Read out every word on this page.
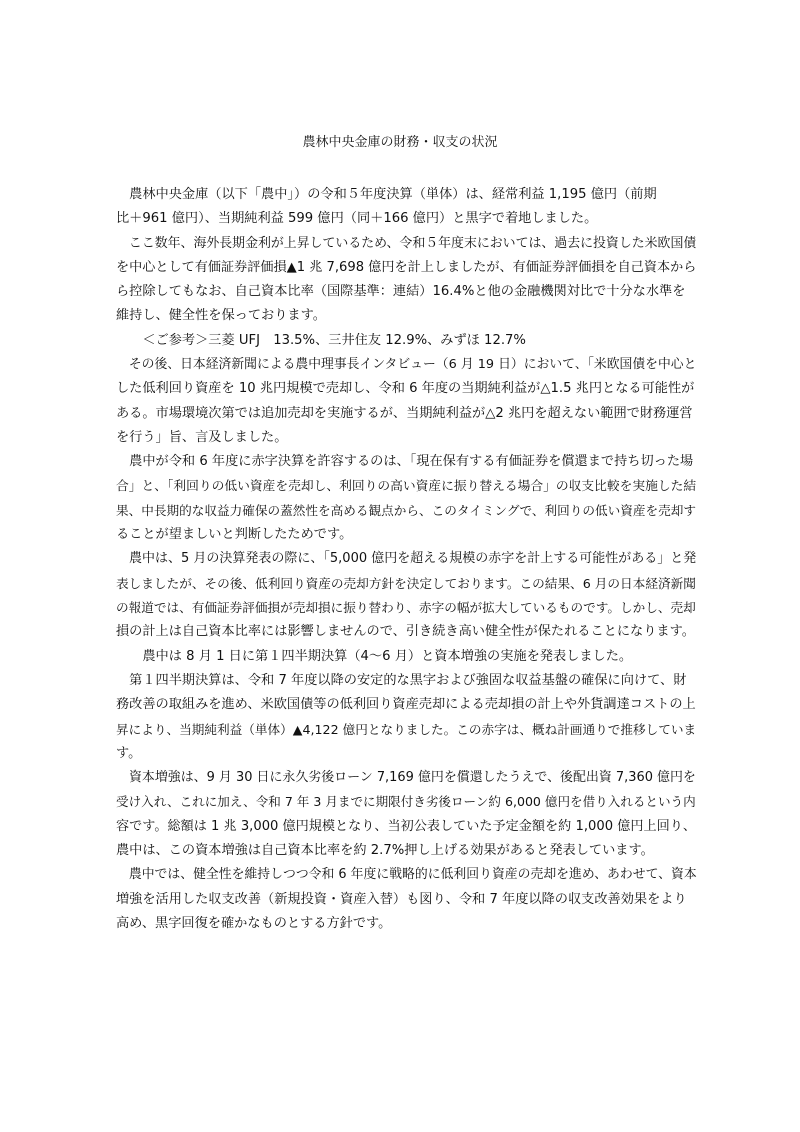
農林中央金庫の財務・収支の状況
　農林中央金庫（以下「農中」）の令和５年度決算（単体）は、経常利益 1,195 億円（前期
比＋961 億円）、当期純利益 599 億円（同＋166 億円）と黒字で着地しました。
　ここ数年、海外長期金利が上昇しているため、令和５年度末においては、過去に投資した米欧国債
を中心として有価証券評価損▲1 兆 7,698 億円を計上しましたが、有価証券評価損を自己資本から
ら控除してもなお、自己資本比率（国際基準：連結）16.4%と他の金融機関対比で十分な水準を
維持し、健全性を保っております。
　　＜ご参考＞三菱 UFJ　13.5%、三井住友 12.9%、みずほ 12.7%
　その後、日本経済新聞による農中理事長インタビュー（6 月 19 日）において、「米欧国債を中心と
した低利回り資産を 10 兆円規模で売却し、令和 6 年度の当期純利益が△1.5 兆円となる可能性が
ある。市場環境次第では追加売却を実施するが、当期純利益が△2 兆円を超えない範囲で財務運営
を行う」旨、言及しました。
　農中が令和 6 年度に赤字決算を許容するのは、「現在保有する有価証券を償還まで持ち切った場
合」と、「利回りの低い資産を売却し、利回りの高い資産に振り替える場合」の収支比較を実施した結
果、中長期的な収益力確保の蓋然性を高める観点から、このタイミングで、利回りの低い資産を売却す
ることが望ましいと判断したためです。
　農中は、5 月の決算発表の際に、「5,000 億円を超える規模の赤字を計上する可能性がある」と発
表しましたが、その後、低利回り資産の売却方針を決定しております。この結果、6 月の日本経済新聞
の報道では、有価証券評価損が売却損に振り替わり、赤字の幅が拡大しているものです。しかし、売却
損の計上は自己資本比率には影響しませんので、引き続き高い健全性が保たれることになります。
　　農中は 8 月 1 日に第１四半期決算（4～6 月）と資本増強の実施を発表しました。
　第１四半期決算は、令和 7 年度以降の安定的な黒字および強固な収益基盤の確保に向けて、財
務改善の取組みを進め、米欧国債等の低利回り資産売却による売却損の計上や外貨調達コストの上
昇により、当期純利益（単体）▲4,122 億円となりました。この赤字は、概ね計画通りで推移していま
す。
　資本増強は、9 月 30 日に永久劣後ローン 7,169 億円を償還したうえで、後配出資 7,360 億円を
受け入れ、これに加え、令和 7 年 3 月までに期限付き劣後ローン約 6,000 億円を借り入れるという内
容です。総額は 1 兆 3,000 億円規模となり、当初公表していた予定金額を約 1,000 億円上回り、
農中は、この資本増強は自己資本比率を約 2.7%押し上げる効果があると発表しています。
　農中では、健全性を維持しつつ令和 6 年度に戦略的に低利回り資産の売却を進め、あわせて、資本
増強を活用した収支改善（新規投資・資産入替）も図り、令和 7 年度以降の収支改善効果をより
高め、黒字回復を確かなものとする方針です。
